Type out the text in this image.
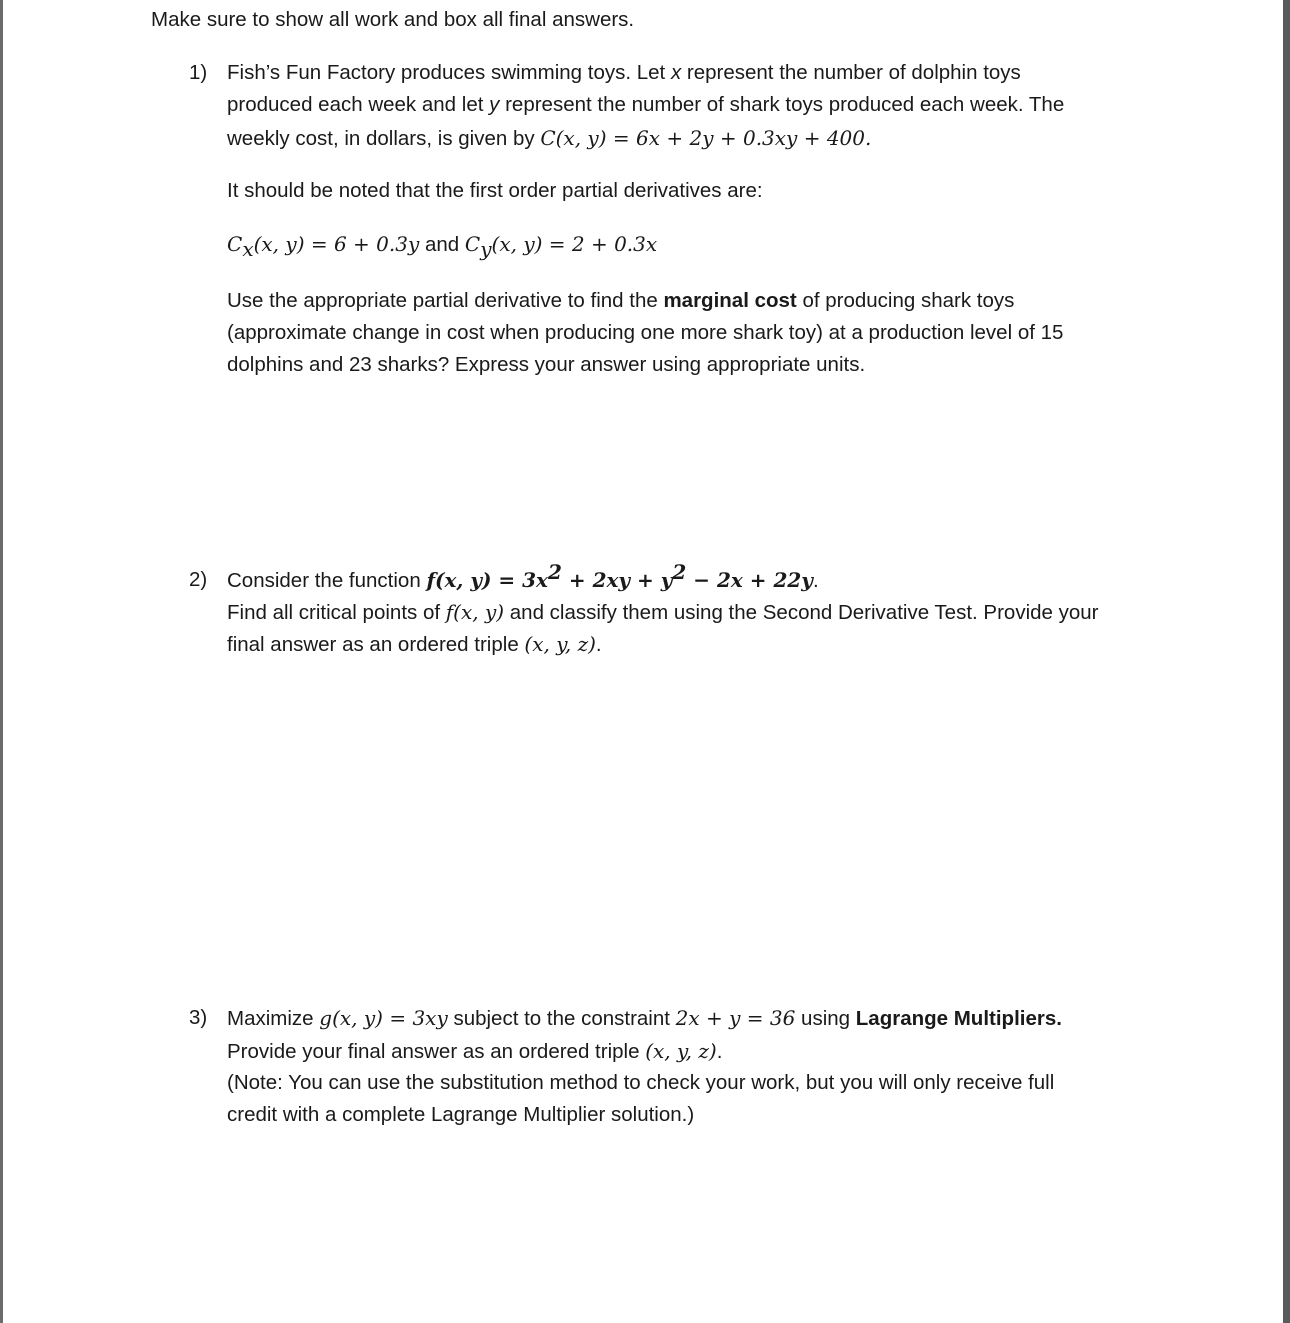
Make sure to show all work and box all final answers.
1) Fish’s Fun Factory produces swimming toys. Let x represent the number of dolphin toys
produced each week and let y represent the number of shark toys produced each week. The
weekly cost, in dollars, is given by C(x, y) = 6x + 2y + 0.3xy + 400.
It should be noted that the first order partial derivatives are:
$C_x(x$, y) = 6 + 0.3y and $C_y(x$, y) = 2 + 0.3x
Use the appropriate partial derivative to find the marginal cost of producing shark toys
(approximate change in cost when producing one more shark toy) at a production level of 15
dolphins and 23 sharks? Express your answer using appropriate units.
2) Consider the function f(x, $y) = 3x^2 + 2xy + y^2 - 2x + 22y$.
Find all critical points of f(x, y) and classify them using the Second Derivative Test. Provide your
final answer as an ordered triple (x, y, z).
3) Maximize g(x, y) = 3xy subject to the constraint 2x + y = 36 using Lagrange Multipliers.
Provide your final answer as an ordered triple (x, y, z).
(Note: You can use the substitution method to check your work, but you will only receive full
credit with a complete Lagrange Multiplier solution.)
